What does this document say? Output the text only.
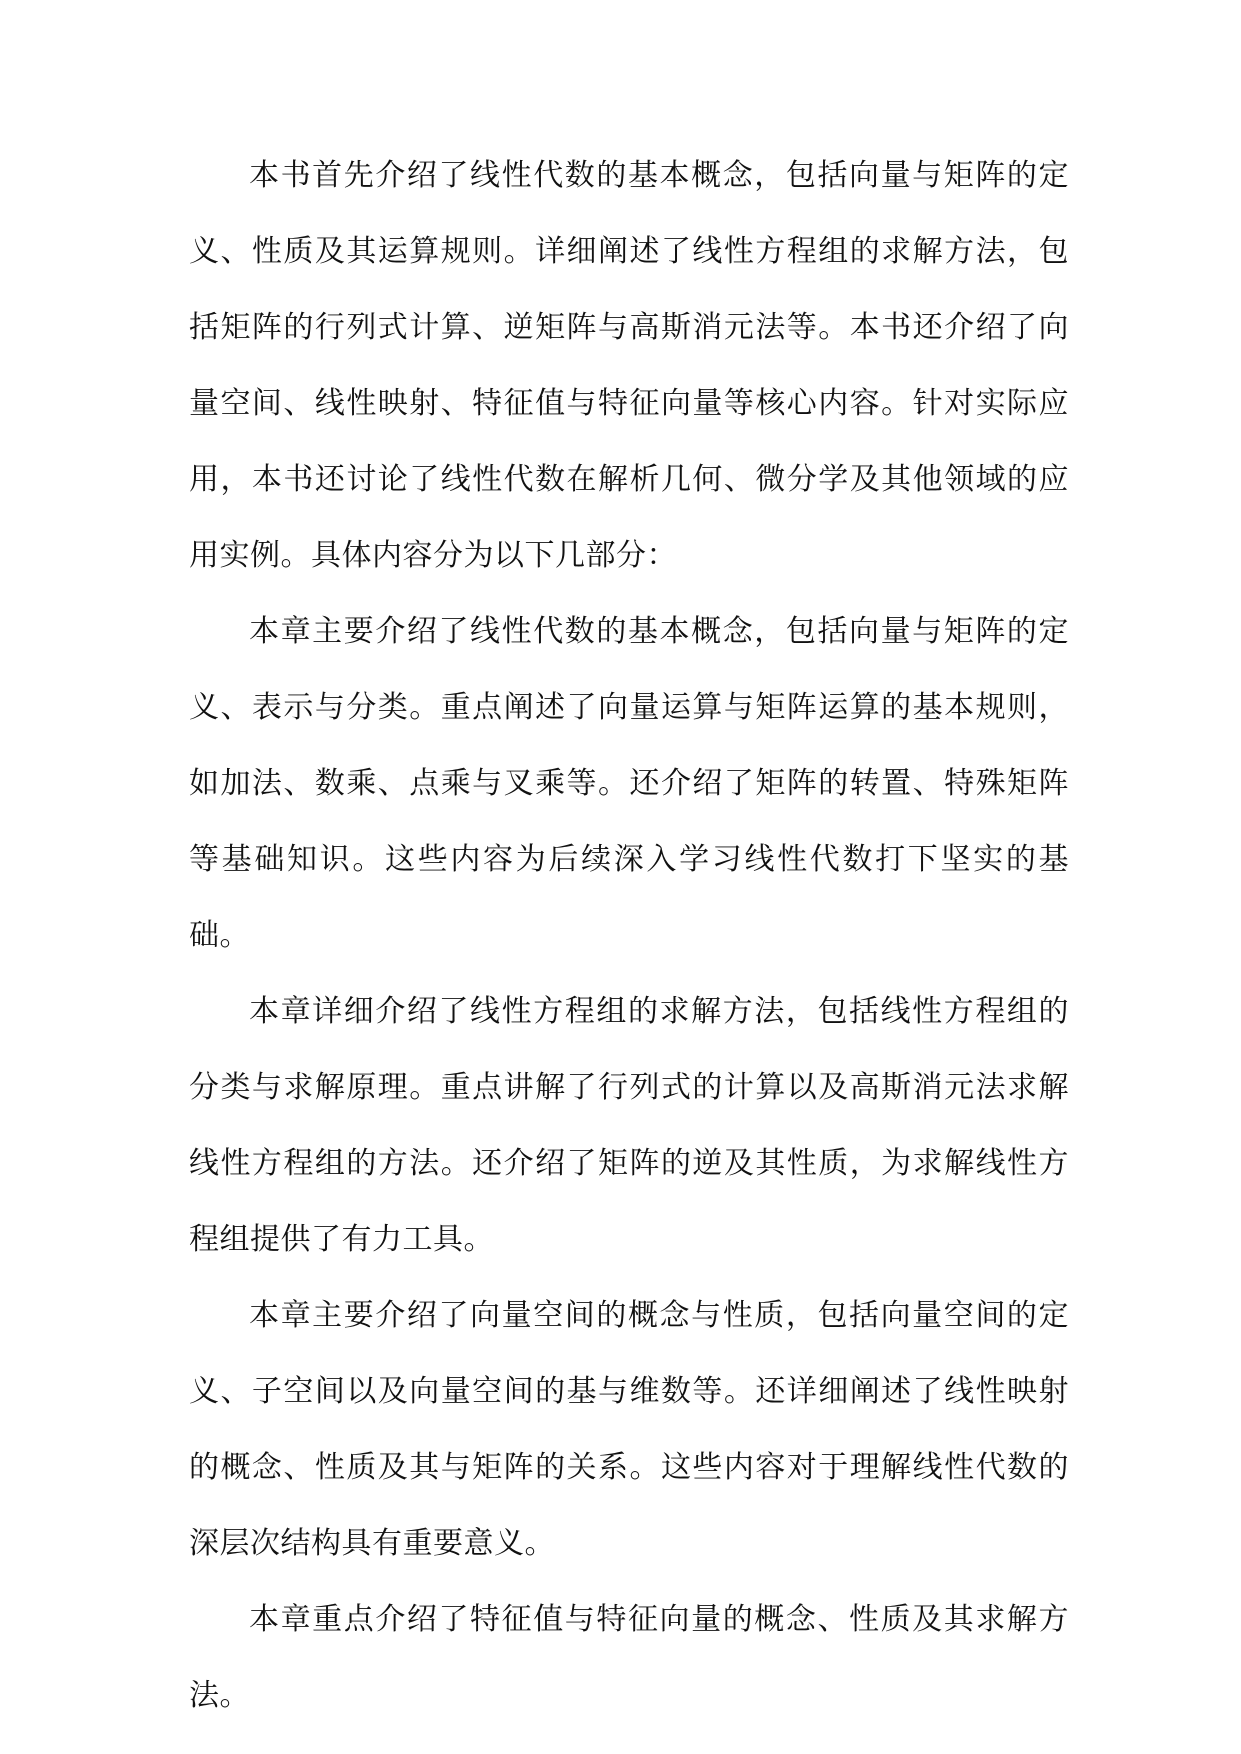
本书首先介绍了线性代数的基本概念，包括向量与矩阵的定义、性质及其运算规则。详细阐述了线性方程组的求解方法，包括矩阵的行列式计算、逆矩阵与高斯消元法等。本书还介绍了向量空间、线性映射、特征值与特征向量等核心内容。针对实际应用，本书还讨论了线性代数在解析几何、微分学及其他领域的应用实例。具体内容分为以下几部分：

本章主要介绍了线性代数的基本概念，包括向量与矩阵的定义、表示与分类。重点阐述了向量运算与矩阵运算的基本规则，如加法、数乘、点乘与叉乘等。还介绍了矩阵的转置、特殊矩阵等基础知识。这些内容为后续深入学习线性代数打下坚实的基础。

本章详细介绍了线性方程组的求解方法，包括线性方程组的分类与求解原理。重点讲解了行列式的计算以及高斯消元法求解线性方程组的方法。还介绍了矩阵的逆及其性质，为求解线性方程组提供了有力工具。

本章主要介绍了向量空间的概念与性质，包括向量空间的定义、子空间以及向量空间的基与维数等。还详细阐述了线性映射的概念、性质及其与矩阵的关系。这些内容对于理解线性代数的深层次结构具有重要意义。

本章重点介绍了特征值与特征向量的概念、性质及其求解方法。
